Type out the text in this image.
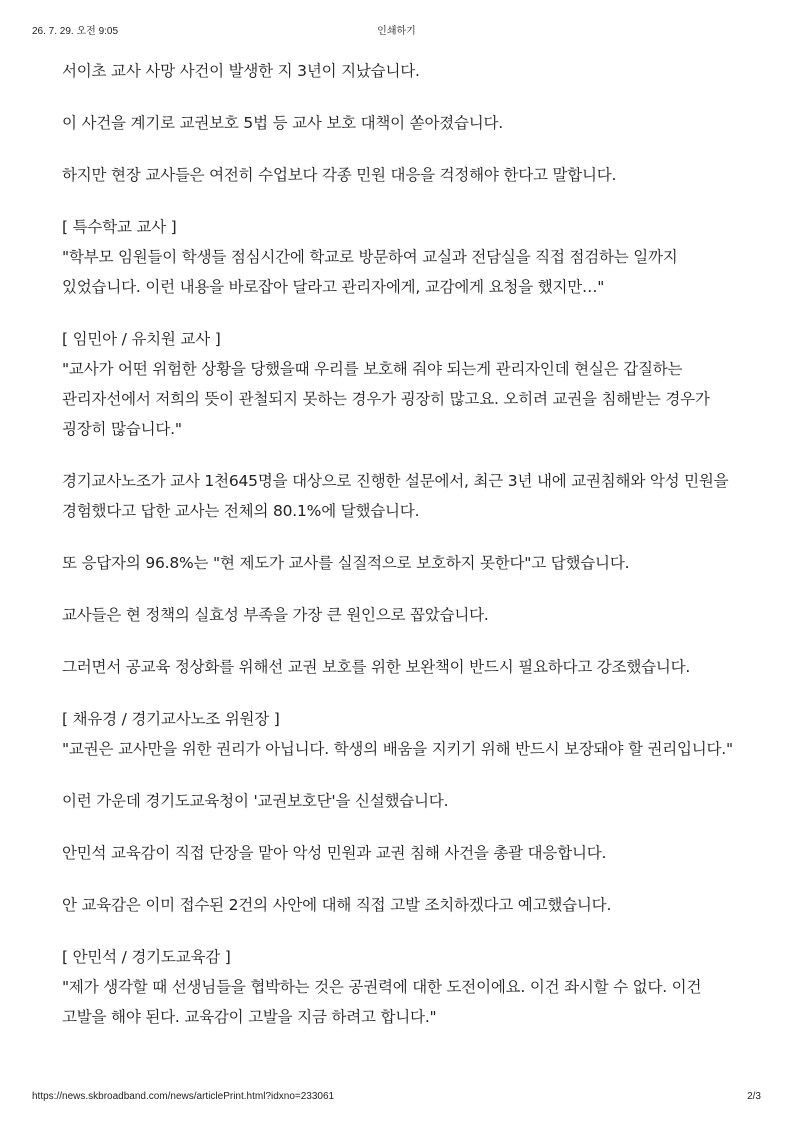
26. 7. 29. 오전 9:05	인쇄하기

서이초 교사 사망 사건이 발생한 지 3년이 지났습니다.

이 사건을 계기로 교권보호 5법 등 교사 보호 대책이 쏟아졌습니다.

하지만 현장 교사들은 여전히 수업보다 각종 민원 대응을 걱정해야 한다고 말합니다.

[ 특수학교 교사 ]
"학부모 임원들이 학생들 점심시간에 학교로 방문하여 교실과 전담실을 직접 점검하는 일까지 있었습니다. 이런 내용을 바로잡아 달라고 관리자에게, 교감에게 요청을 했지만…"
[ 임민아 / 유치원 교사 ]
"교사가 어떤 위험한 상황을 당했을때 우리를 보호해 줘야 되는게 관리자인데 현실은 갑질하는 관리자선에서 저희의 뜻이 관철되지 못하는 경우가 굉장히 많고요. 오히려 교권을 침해받는 경우가 굉장히 많습니다."

경기교사노조가 교사 1천645명을 대상으로 진행한 설문에서, 최근 3년 내에 교권침해와 악성 민원을 경험했다고 답한 교사는 전체의 80.1%에 달했습니다.

또 응답자의 96.8%는 "현 제도가 교사를 실질적으로 보호하지 못한다"고 답했습니다.

교사들은 현 정책의 실효성 부족을 가장 큰 원인으로 꼽았습니다.

그러면서 공교육 정상화를 위해선 교권 보호를 위한 보완책이 반드시 필요하다고 강조했습니다.

[ 채유경 / 경기교사노조 위원장 ]
"교권은 교사만을 위한 권리가 아닙니다. 학생의 배움을 지키기 위해 반드시 보장돼야 할 권리입니다."

이런 가운데 경기도교육청이 '교권보호단'을 신설했습니다.

안민석 교육감이 직접 단장을 맡아 악성 민원과 교권 침해 사건을 총괄 대응합니다.

안 교육감은 이미 접수된 2건의 사안에 대해 직접 고발 조치하겠다고 예고했습니다.

[ 안민석 / 경기도교육감 ]
"제가 생각할 때 선생님들을 협박하는 것은 공권력에 대한 도전이에요. 이건 좌시할 수 없다. 이건 고발을 해야 된다. 교육감이 고발을 지금 하려고 합니다."
https://news.skbroadband.com/news/articlePrint.html?idxno=233061	2/3
